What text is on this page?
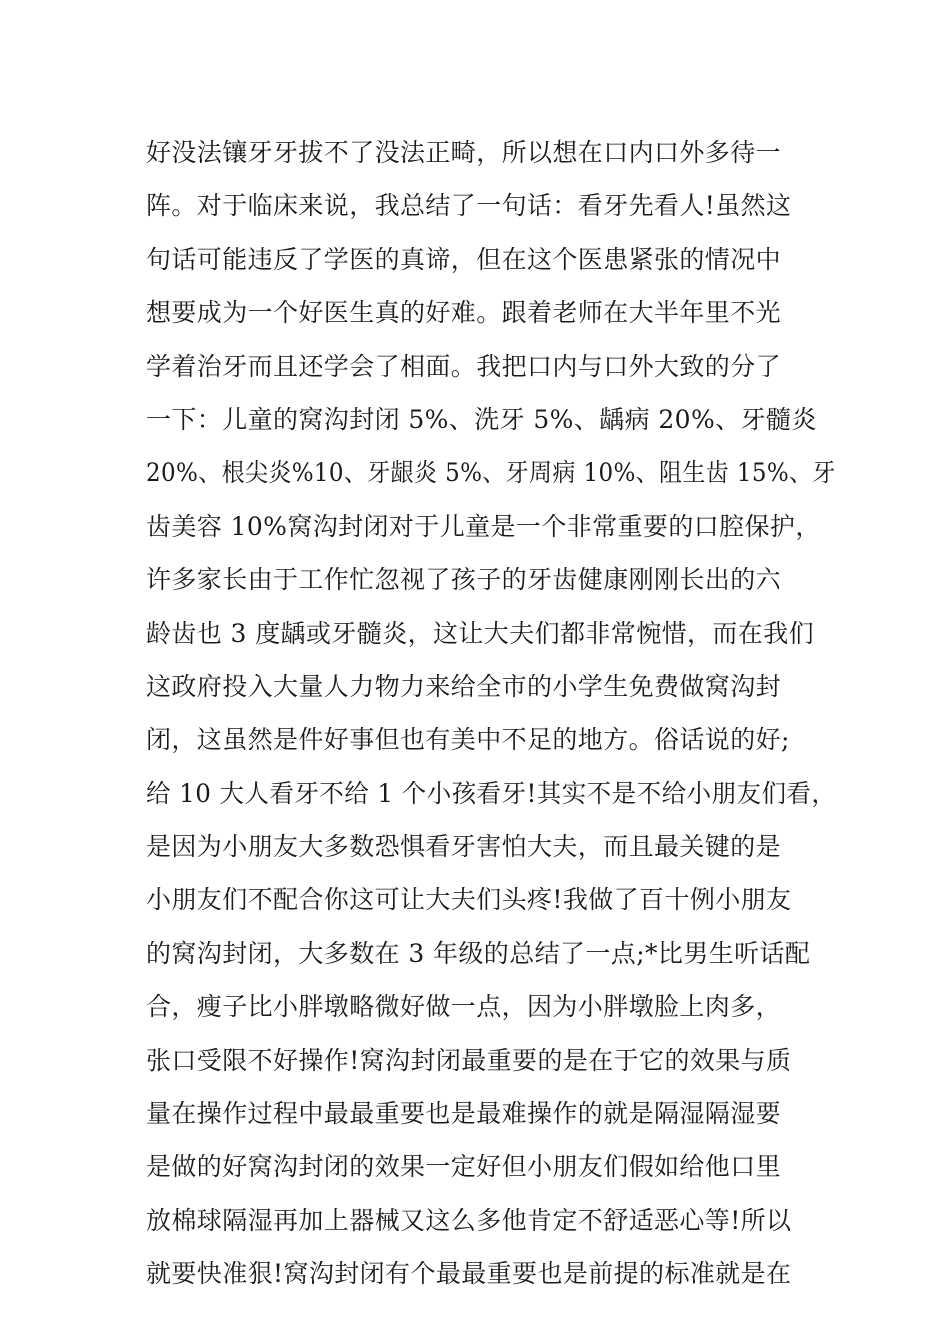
好没法镶牙牙拔不了没法正畸，所以想在口内口外多待一
阵。对于临床来说，我总结了一句话：看牙先看人!虽然这
句话可能违反了学医的真谛，但在这个医患紧张的情况中
想要成为一个好医生真的好难。跟着老师在大半年里不光
学着治牙而且还学会了相面。我把口内与口外大致的分了
一下：儿童的窝沟封闭 5%、洗牙 5%、龋病 20%、牙髓炎
20%、根尖炎%10、牙龈炎 5%、牙周病 10%、阻生齿 15%、牙
齿美容 10%窝沟封闭对于儿童是一个非常重要的口腔保护，
许多家长由于工作忙忽视了孩子的牙齿健康刚刚长出的六
龄齿也 3 度龋或牙髓炎，这让大夫们都非常惋惜，而在我们
这政府投入大量人力物力来给全市的小学生免费做窝沟封
闭，这虽然是件好事但也有美中不足的地方。俗话说的好;
给 10 大人看牙不给 1 个小孩看牙!其实不是不给小朋友们看，
是因为小朋友大多数恐惧看牙害怕大夫，而且最关键的是
小朋友们不配合你这可让大夫们头疼!我做了百十例小朋友
的窝沟封闭，大多数在 3 年级的总结了一点;*比男生听话配
合，瘦子比小胖墩略微好做一点，因为小胖墩脸上肉多，
张口受限不好操作!窝沟封闭最重要的是在于它的效果与质
量在操作过程中最最重要也是最难操作的就是隔湿隔湿要
是做的好窝沟封闭的效果一定好但小朋友们假如给他口里
放棉球隔湿再加上器械又这么多他肯定不舒适恶心等!所以
就要快准狠!窝沟封闭有个最最重要也是前提的标准就是在
